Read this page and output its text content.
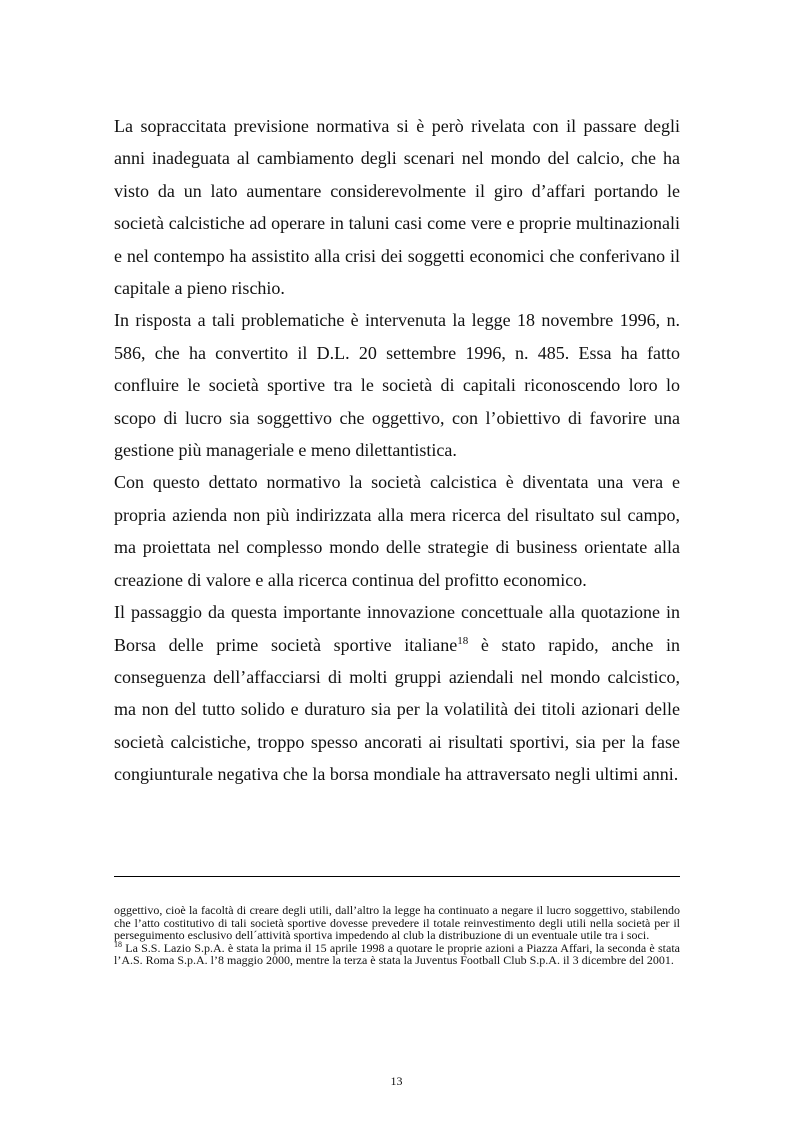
La sopraccitata previsione normativa si è però rivelata con il passare degli anni inadeguata al cambiamento degli scenari nel mondo del calcio, che ha visto da un lato aumentare considerevolmente il giro d’affari portando le società calcistiche ad operare in taluni casi come vere e proprie multinazionali e nel contempo ha assistito alla crisi dei soggetti economici che conferivano il capitale a pieno rischio.

In risposta a tali problematiche è intervenuta la legge 18 novembre 1996, n. 586, che ha convertito il D.L. 20 settembre 1996, n. 485. Essa ha fatto confluire le società sportive tra le società di capitali riconoscendo loro lo scopo di lucro sia soggettivo che oggettivo, con l’obiettivo di favorire una gestione più manageriale e meno dilettantistica.

Con questo dettato normativo la società calcistica è diventata una vera e propria azienda non più indirizzata alla mera ricerca del risultato sul campo, ma proiettata nel complesso mondo delle strategie di business orientate alla creazione di valore e alla ricerca continua del profitto economico.

Il passaggio da questa importante innovazione concettuale alla quotazione in Borsa delle prime società sportive italiane$^{18}$ è stato rapido, anche in conseguenza dell’affacciarsi di molti gruppi aziendali nel mondo calcistico, ma non del tutto solido e duraturo sia per la volatilità dei titoli azionari delle società calcistiche, troppo spesso ancorati ai risultati sportivi, sia per la fase congiunturale negativa che la borsa mondiale ha attraversato negli ultimi anni.

oggettivo, cioè la facoltà di creare degli utili, dall’altro la legge ha continuato a negare il lucro soggettivo, stabilendo che l’atto costitutivo di tali società sportive dovesse prevedere il totale reinvestimento degli utili nella società per il perseguimento esclusivo dell´attività sportiva impedendo al club la distribuzione di un eventuale utile tra i soci.

$^{18}$ La S.S. Lazio S.p.A. è stata la prima il 15 aprile 1998 a quotare le proprie azioni a Piazza Affari, la seconda è stata l’A.S. Roma S.p.A. l’8 maggio 2000, mentre la terza è stata la Juventus Football Club S.p.A. il 3 dicembre del 2001.

13
